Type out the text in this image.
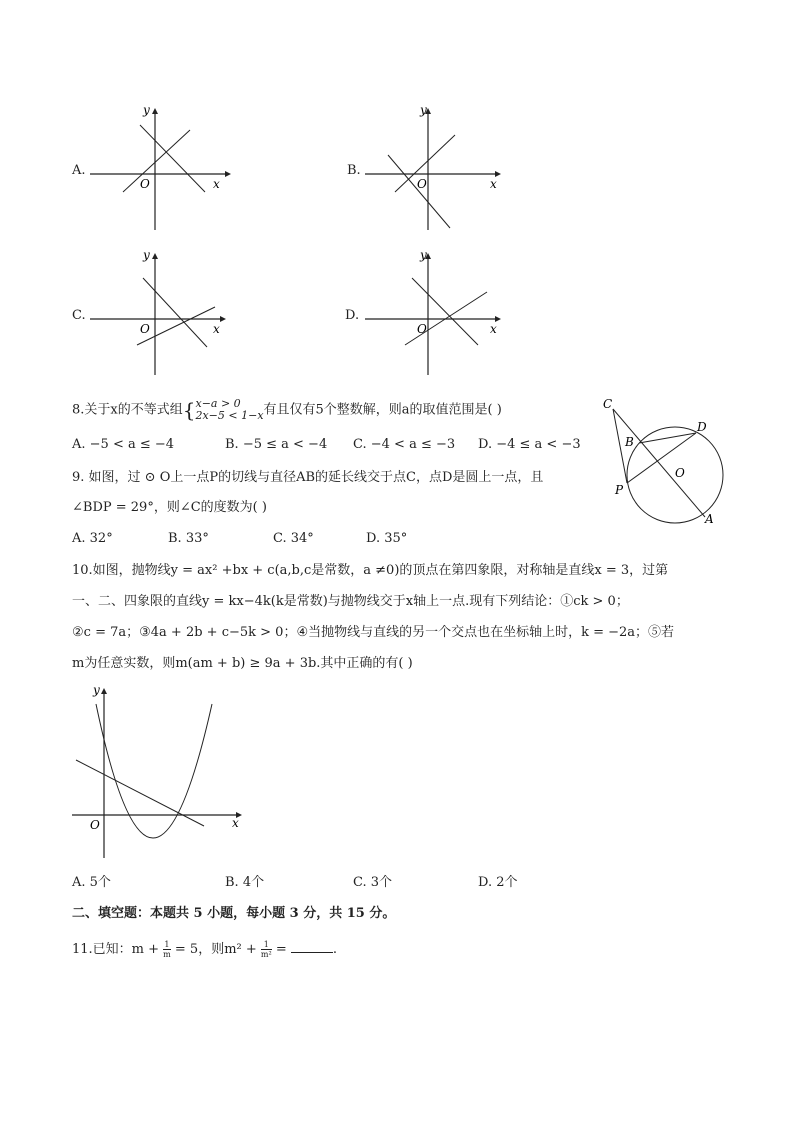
x
y
O
A.
x
y
O
B.
x
y
O
C.
x
y
O
D.
8.关于x的不等式组{ x−a > 0
2x−5 < 1−x 有且仅有5个整数解，则a的取值范围是( )
A. −5 < a ≤ −4	B. −5 ≤ a < −4 C. −4 < a ≤ −3 D. −4 ≤ a < −3
C
B
D
O
P
A
9. 如图，过 ⊙ O上一点P的切线与直径AB的延长线交于点C，点D是圆上一点，且
∠BDP = 29°，则∠C的度数为( )
A. 32°	B. 33°	C. 34°	D. 35°
10.如图，抛物线y = ax² +bx + c(a,b,c是常数，a ≠0)的顶点在第四象限，对称轴是直线x = 3，过第
一、二、四象限的直线y = kx−4k(k是常数)与抛物线交于x轴上一点.现有下列结论：①ck > 0；
②c = 7a；③4a + 2b + c−5k > 0；④当抛物线与直线的另一个交点也在坐标轴上时，k = −2a；⑤若
m为任意实数，则m(am + b) ≥ 9a + 3b.其中正确的有( )
x
y
O
A. 5个	B. 4个	C. 3个	D. 2个
二、填空题：本题共 5 小题，每小题 3 分，共 15 分。
11.已知：$m + \frac{1}{m} = 5$，则$m^2 + \frac{1}{\text{m²}}$ =	.
